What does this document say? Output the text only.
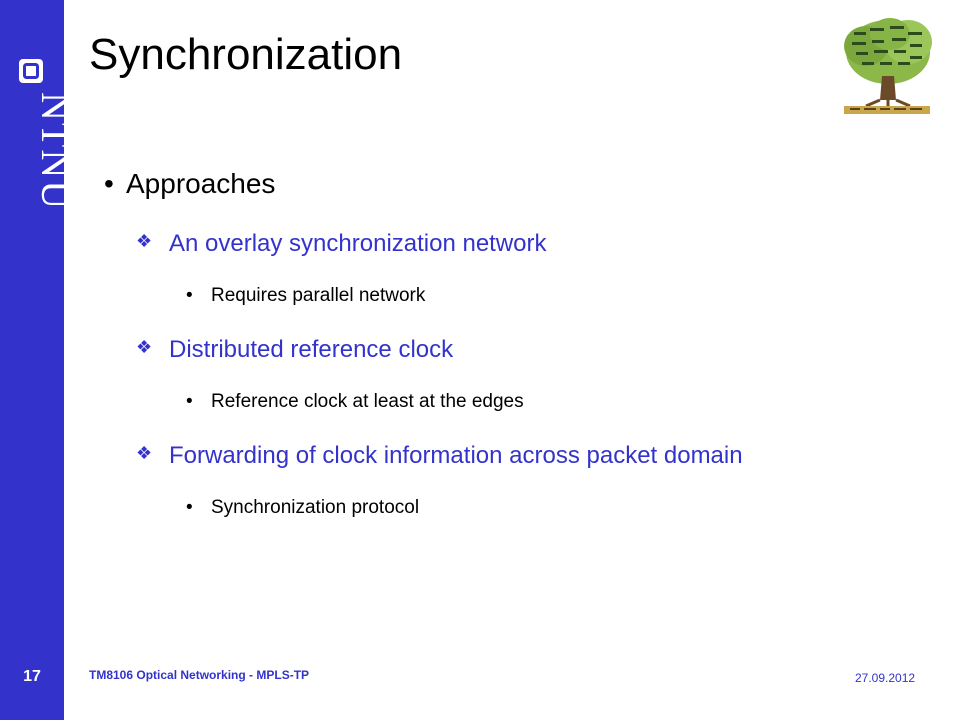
NTNU
17
Synchronization
• Approaches
❖ An overlay synchronization network
• Requires parallel network
❖ Distributed reference clock
• Reference clock at least at the edges
❖ Forwarding of clock information across packet domain
• Synchronization protocol
TM8106 Optical Networking - MPLS-TP	27.09.2012
